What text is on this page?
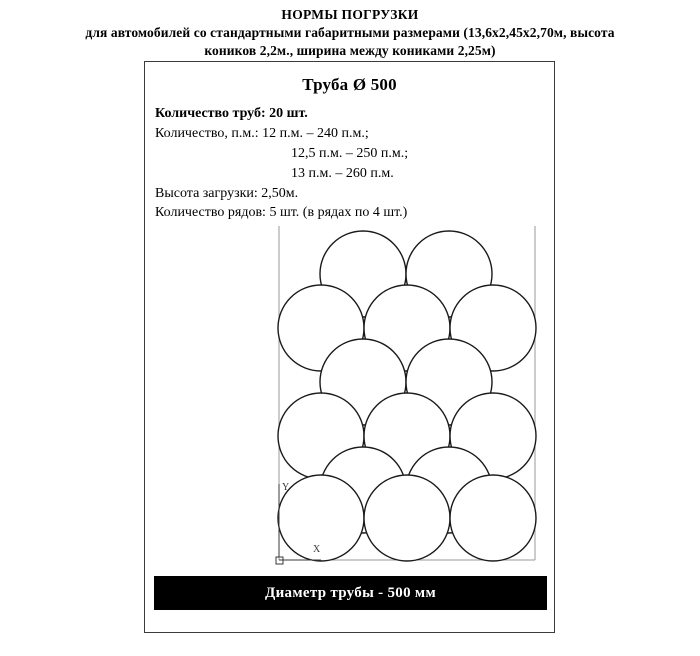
НОРМЫ ПОГРУЗКИ
для автомобилей со стандартными габаритными размерами (13,6х2,45х2,70м, высота
коников 2,2м., ширина между кониками 2,25м)
Труба Ø 500
Количество труб: 20 шт.
Количество, п.м.: 12 п.м. – 240 п.м.;
12,5 п.м. – 250 п.м.;
13 п.м. – 260 п.м.
Высота загрузки: 2,50м.
Количество рядов: 5 шт. (в рядах по 4 шт.)
Y
X
Диаметр трубы - 500 мм
